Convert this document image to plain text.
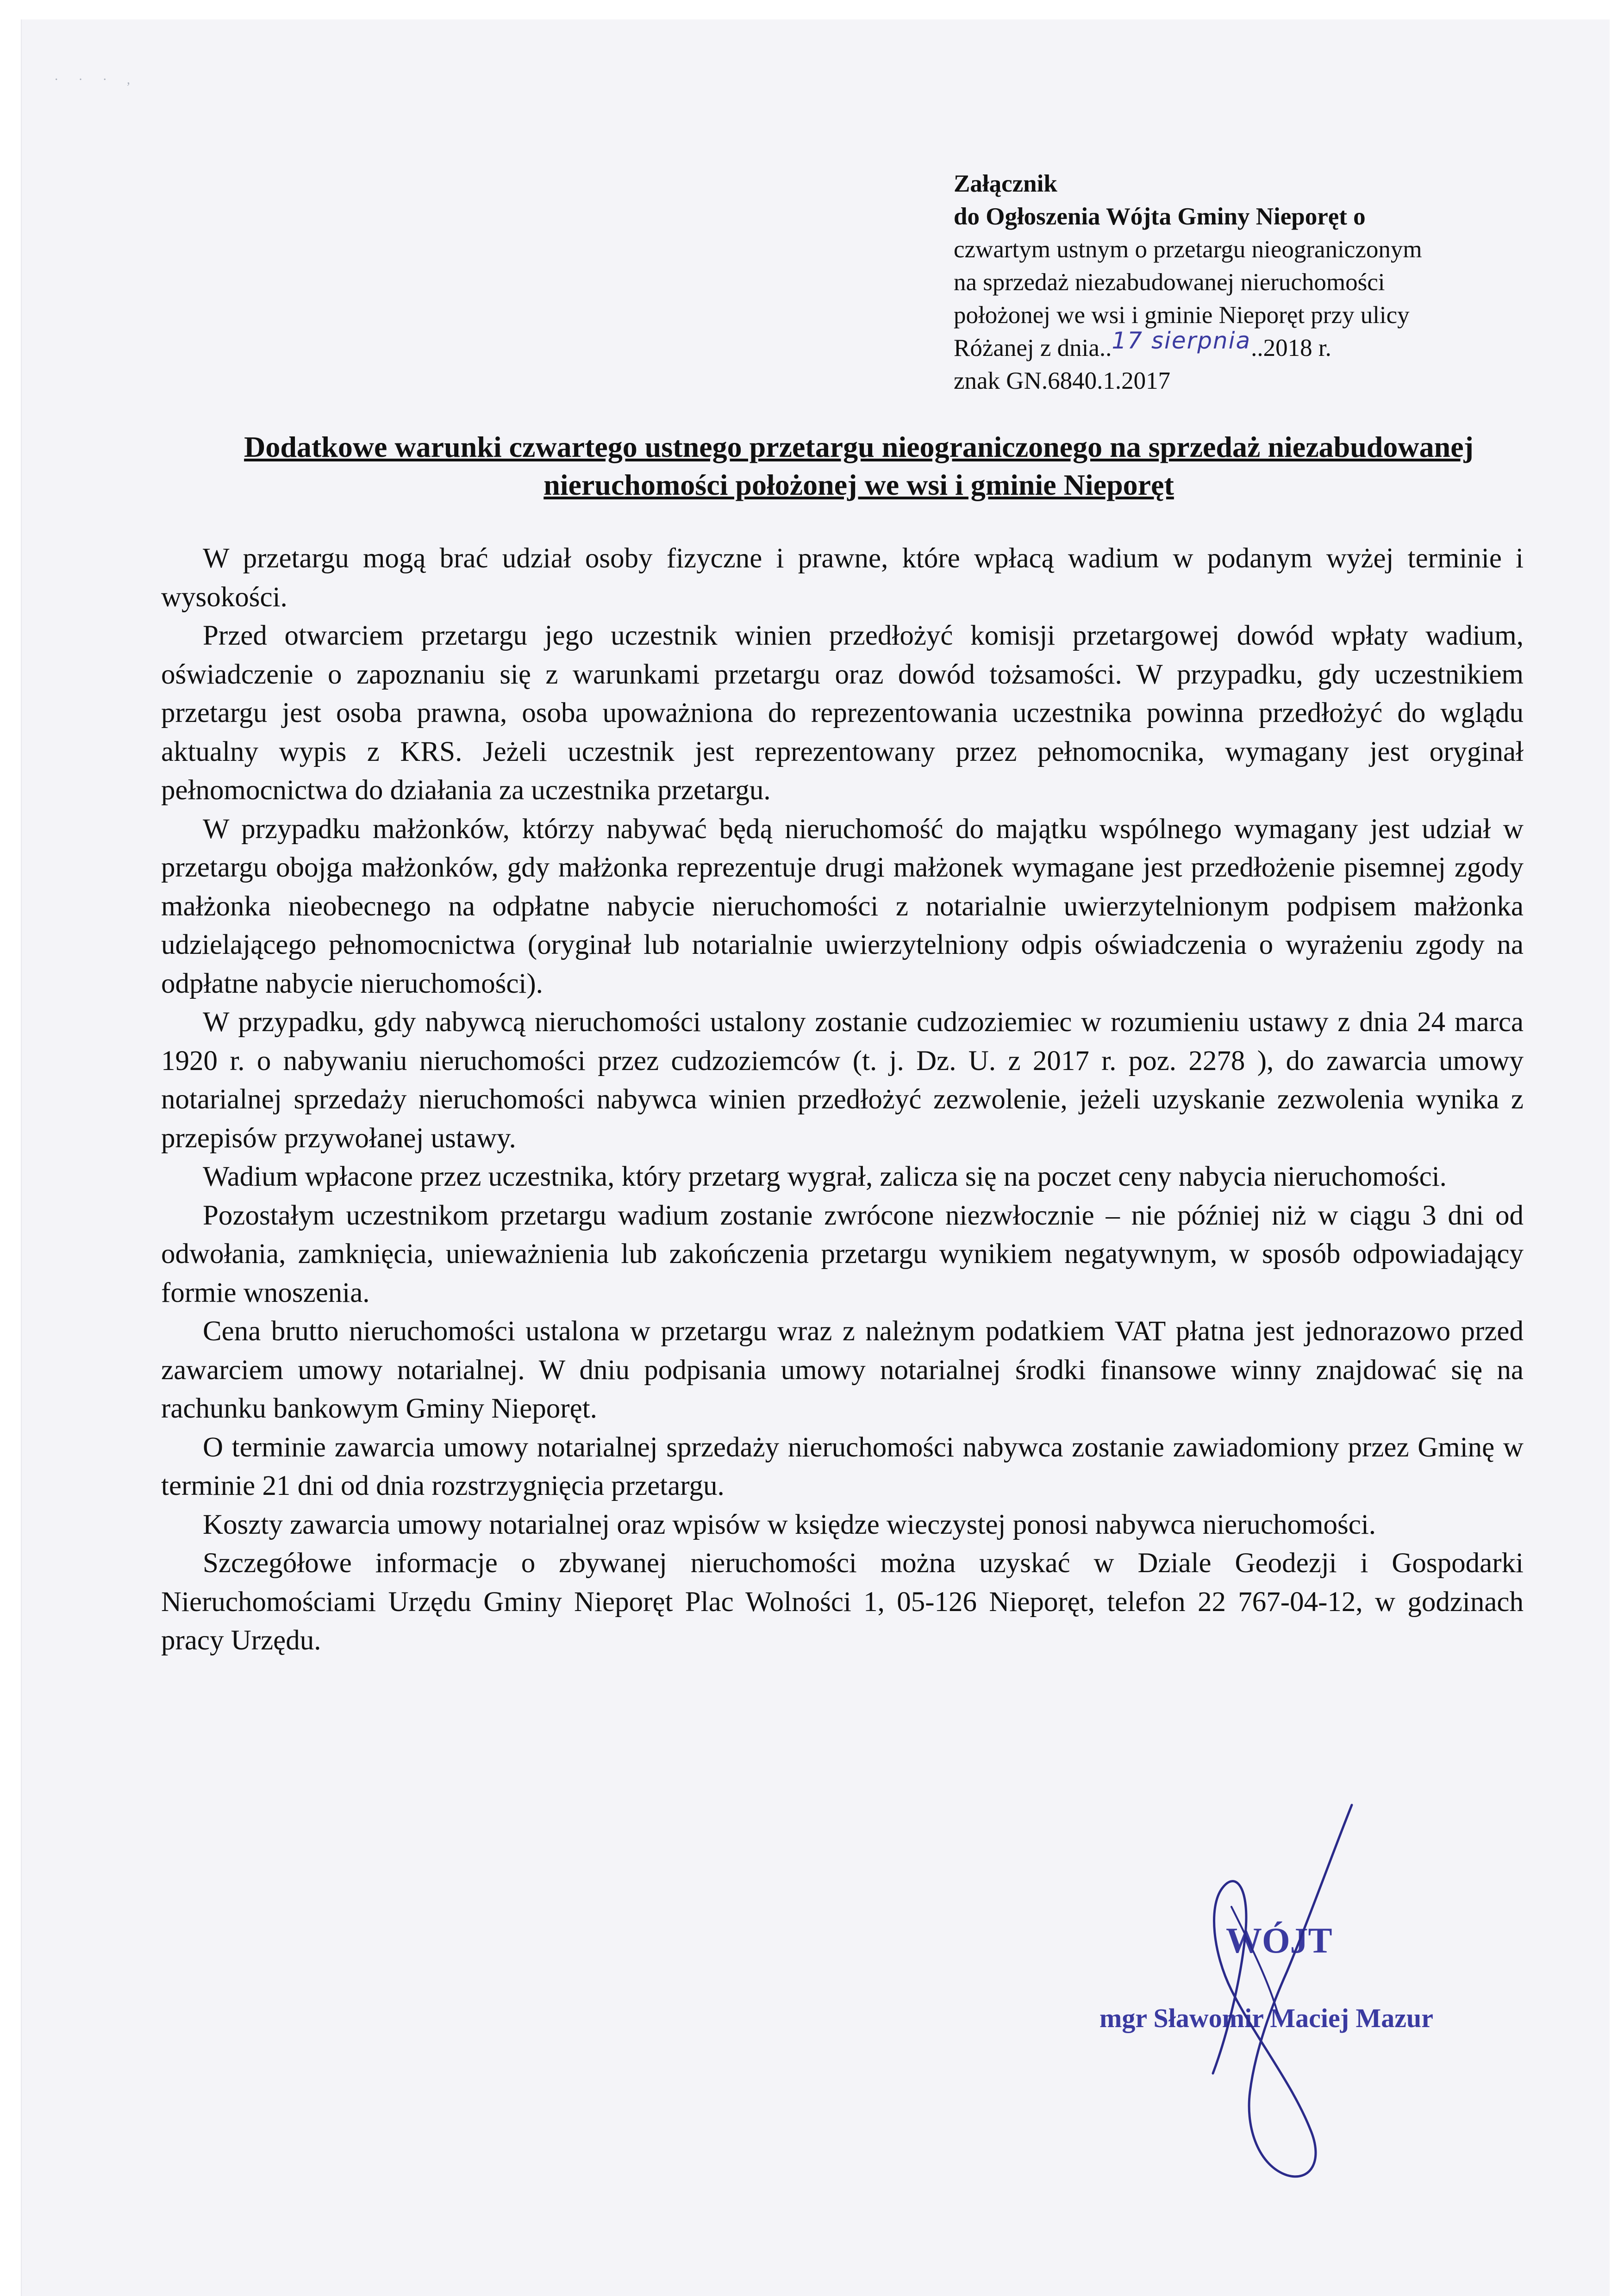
· · · ,
Załącznik
do Ogłoszenia Wójta Gminy Nieporęt o
czwartym ustnym o przetargu nieograniczonym
na sprzedaż niezabudowanej nieruchomości
położonej we wsi i gminie Nieporęt przy ulicy
Różanej z dnia..17 sierpnia..2018 r.
znak GN.6840.1.2017
Dodatkowe warunki czwartego ustnego przetargu nieograniczonego na sprzedaż niezabudowanej nieruchomości położonej we wsi i gminie Nieporęt

W przetargu mogą brać udział osoby fizyczne i prawne, które wpłacą wadium w podanym wyżej terminie i wysokości.

Przed otwarciem przetargu jego uczestnik winien przedłożyć komisji przetargowej dowód wpłaty wadium, oświadczenie o zapoznaniu się z warunkami przetargu oraz dowód tożsamości. W przypadku, gdy uczestnikiem przetargu jest osoba prawna, osoba upoważniona do reprezentowania uczestnika powinna przedłożyć do wglądu aktualny wypis z KRS. Jeżeli uczestnik jest reprezentowany przez pełnomocnika, wymagany jest oryginał pełnomocnictwa do działania za uczestnika przetargu.

W przypadku małżonków, którzy nabywać będą nieruchomość do majątku wspólnego wymagany jest udział w przetargu obojga małżonków, gdy małżonka reprezentuje drugi małżonek wymagane jest przedłożenie pisemnej zgody małżonka nieobecnego na odpłatne nabycie nieruchomości z notarialnie uwierzytelnionym podpisem małżonka udzielającego pełnomocnictwa (oryginał lub notarialnie uwierzytelniony odpis oświadczenia o wyrażeniu zgody na odpłatne nabycie nieruchomości).

W przypadku, gdy nabywcą nieruchomości ustalony zostanie cudzoziemiec w rozumieniu ustawy z dnia 24 marca 1920 r. o nabywaniu nieruchomości przez cudzoziemców (t. j. Dz. U. z 2017 r. poz. 2278 ), do zawarcia umowy notarialnej sprzedaży nieruchomości nabywca winien przedłożyć zezwolenie, jeżeli uzyskanie zezwolenia wynika z przepisów przywołanej ustawy.

Wadium wpłacone przez uczestnika, który przetarg wygrał, zalicza się na poczet ceny nabycia nieruchomości.

Pozostałym uczestnikom przetargu wadium zostanie zwrócone niezwłocznie – nie później niż w ciągu 3 dni od odwołania, zamknięcia, unieważnienia lub zakończenia przetargu wynikiem negatywnym, w sposób odpowiadający formie wnoszenia.

Cena brutto nieruchomości ustalona w przetargu wraz z należnym podatkiem VAT płatna jest jednorazowo przed zawarciem umowy notarialnej. W dniu podpisania umowy notarialnej środki finansowe winny znajdować się na rachunku bankowym Gminy Nieporęt.

O terminie zawarcia umowy notarialnej sprzedaży nieruchomości nabywca zostanie zawiadomiony przez Gminę w terminie 21 dni od dnia rozstrzygnięcia przetargu.

Koszty zawarcia umowy notarialnej oraz wpisów w księdze wieczystej ponosi nabywca nieruchomości.

Szczegółowe informacje o zbywanej nieruchomości można uzyskać w Dziale Geodezji i Gospodarki Nieruchomościami Urzędu Gminy Nieporęt Plac Wolności 1, 05-126 Nieporęt, telefon 22 767-04-12, w godzinach pracy Urzędu.

WÓJT
mgr Sławomir Maciej Mazur
